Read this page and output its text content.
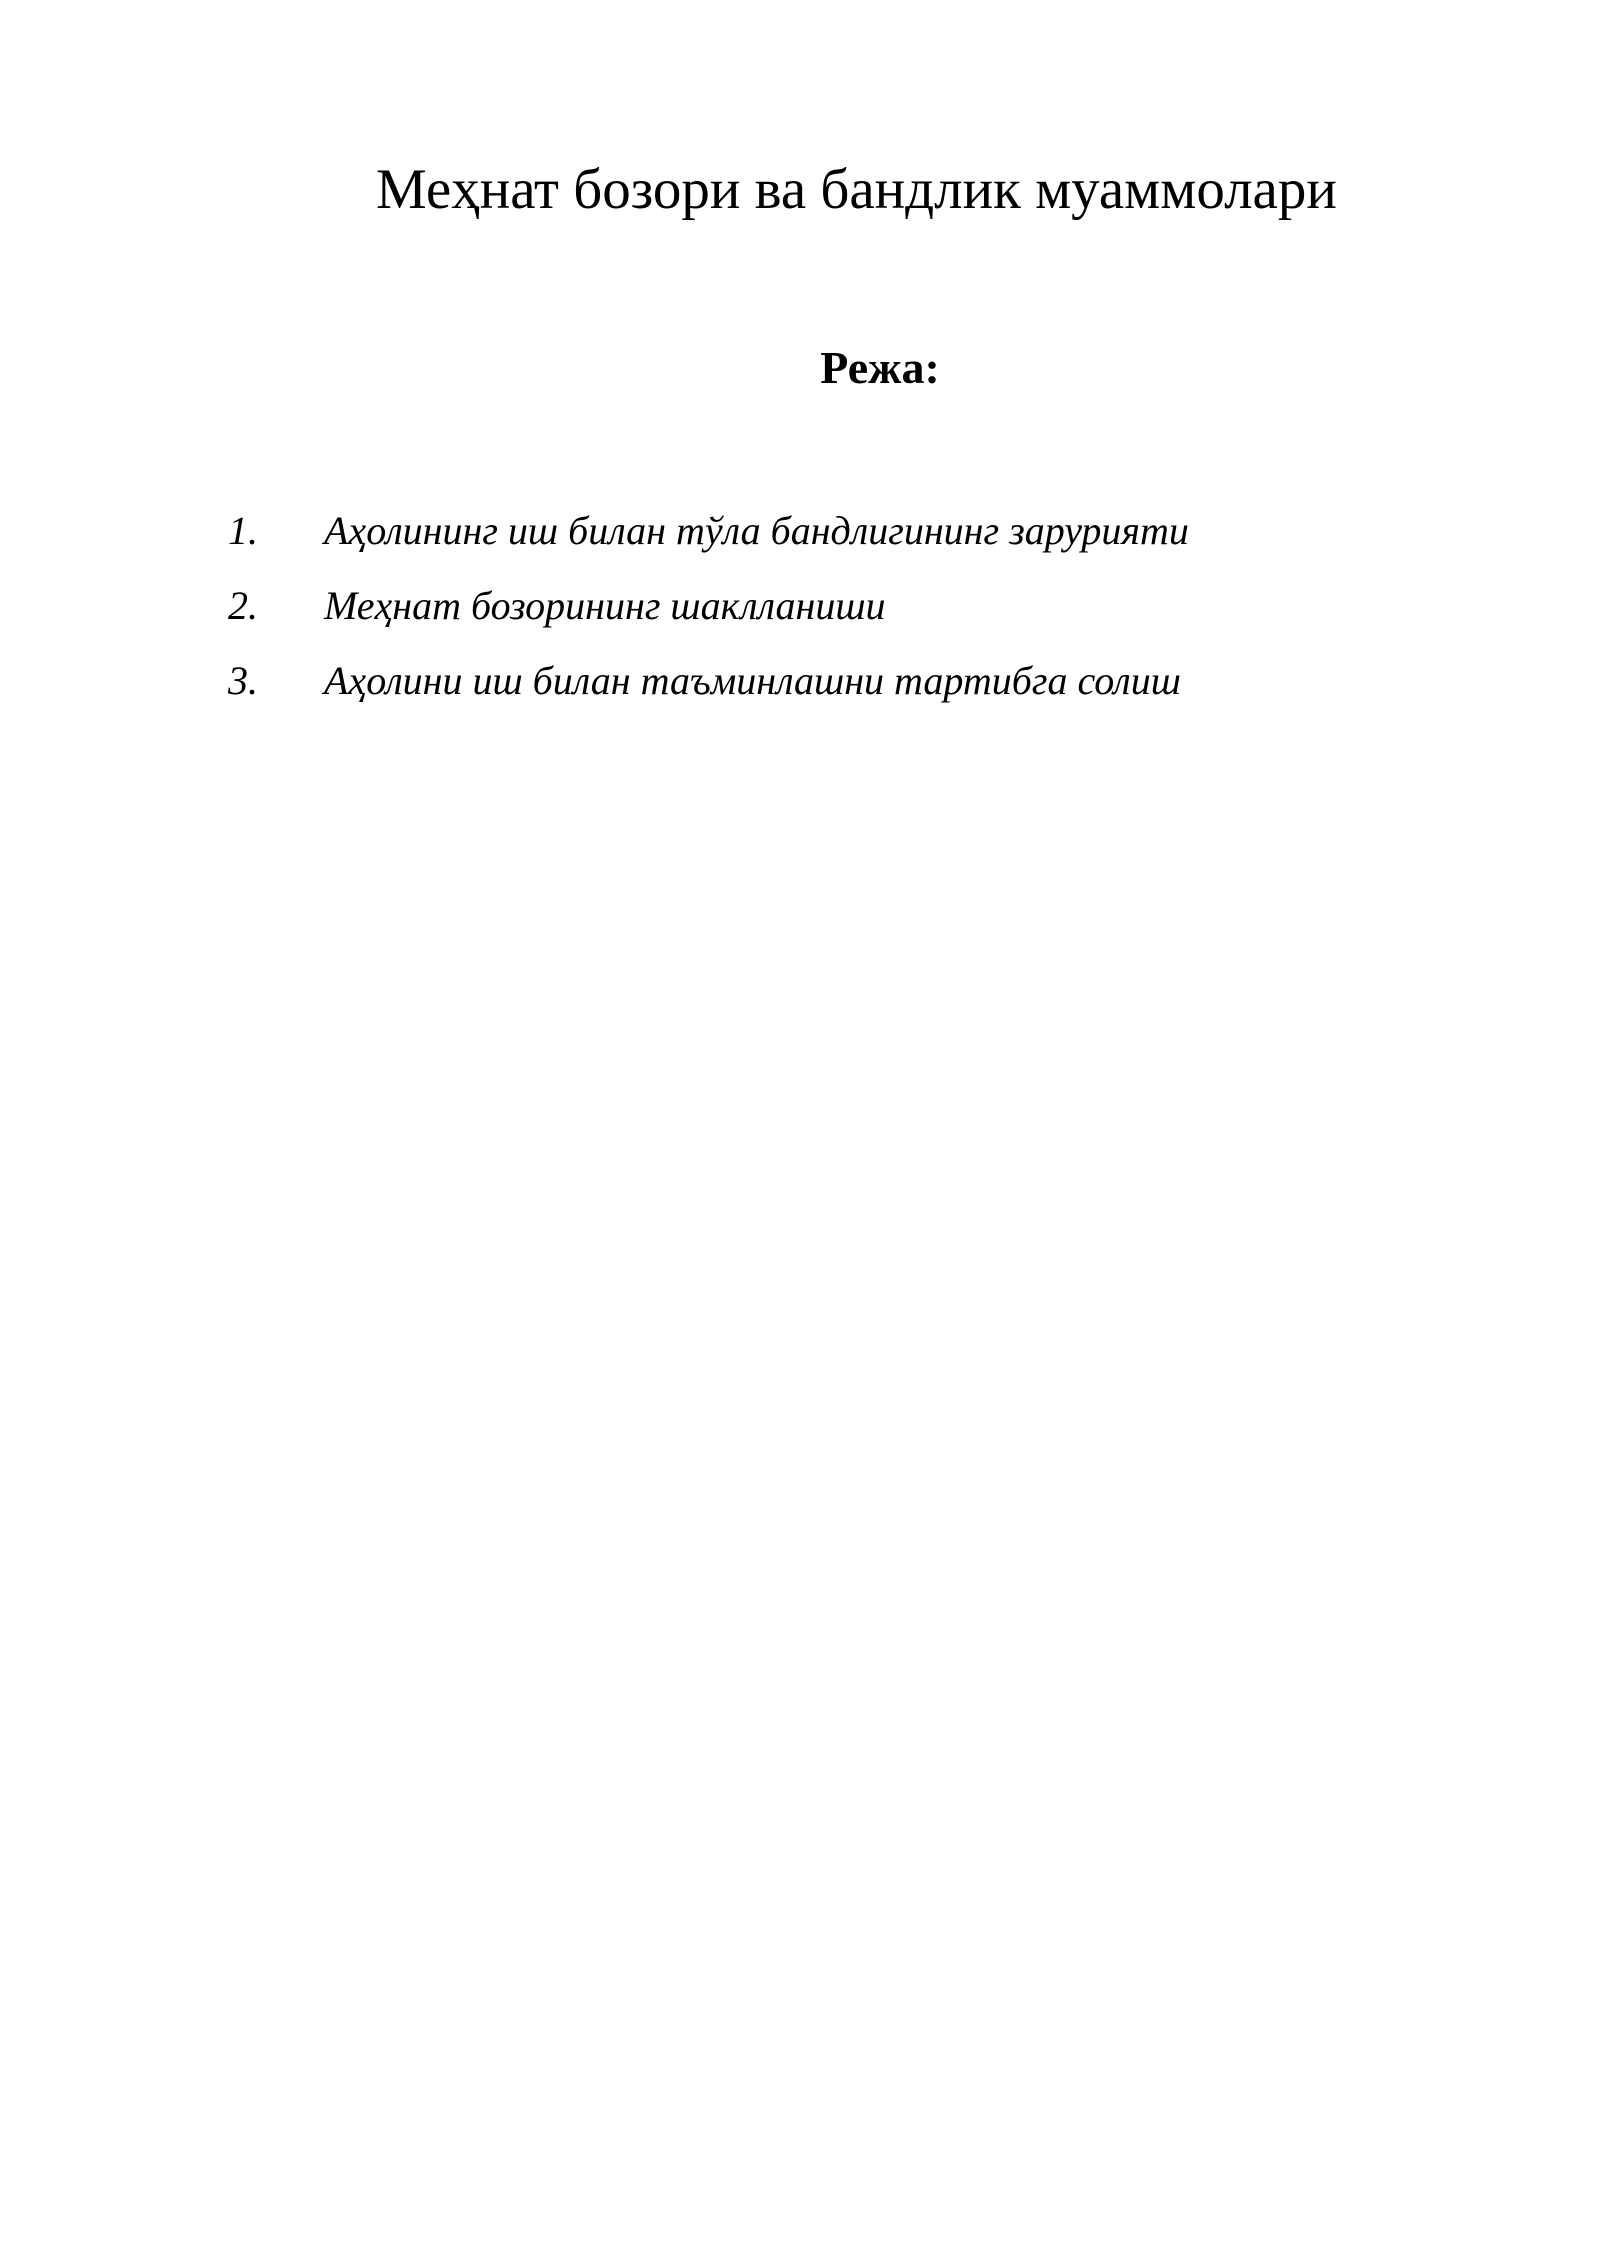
Меҳнат бозори ва бандлик муаммолари
Режа:
1. Аҳолининг иш билан тўла бандлигининг зарурияти
2. Меҳнат бозорининг шаклланиши
3. Аҳолини иш билан таъминлашни тартибга солиш
